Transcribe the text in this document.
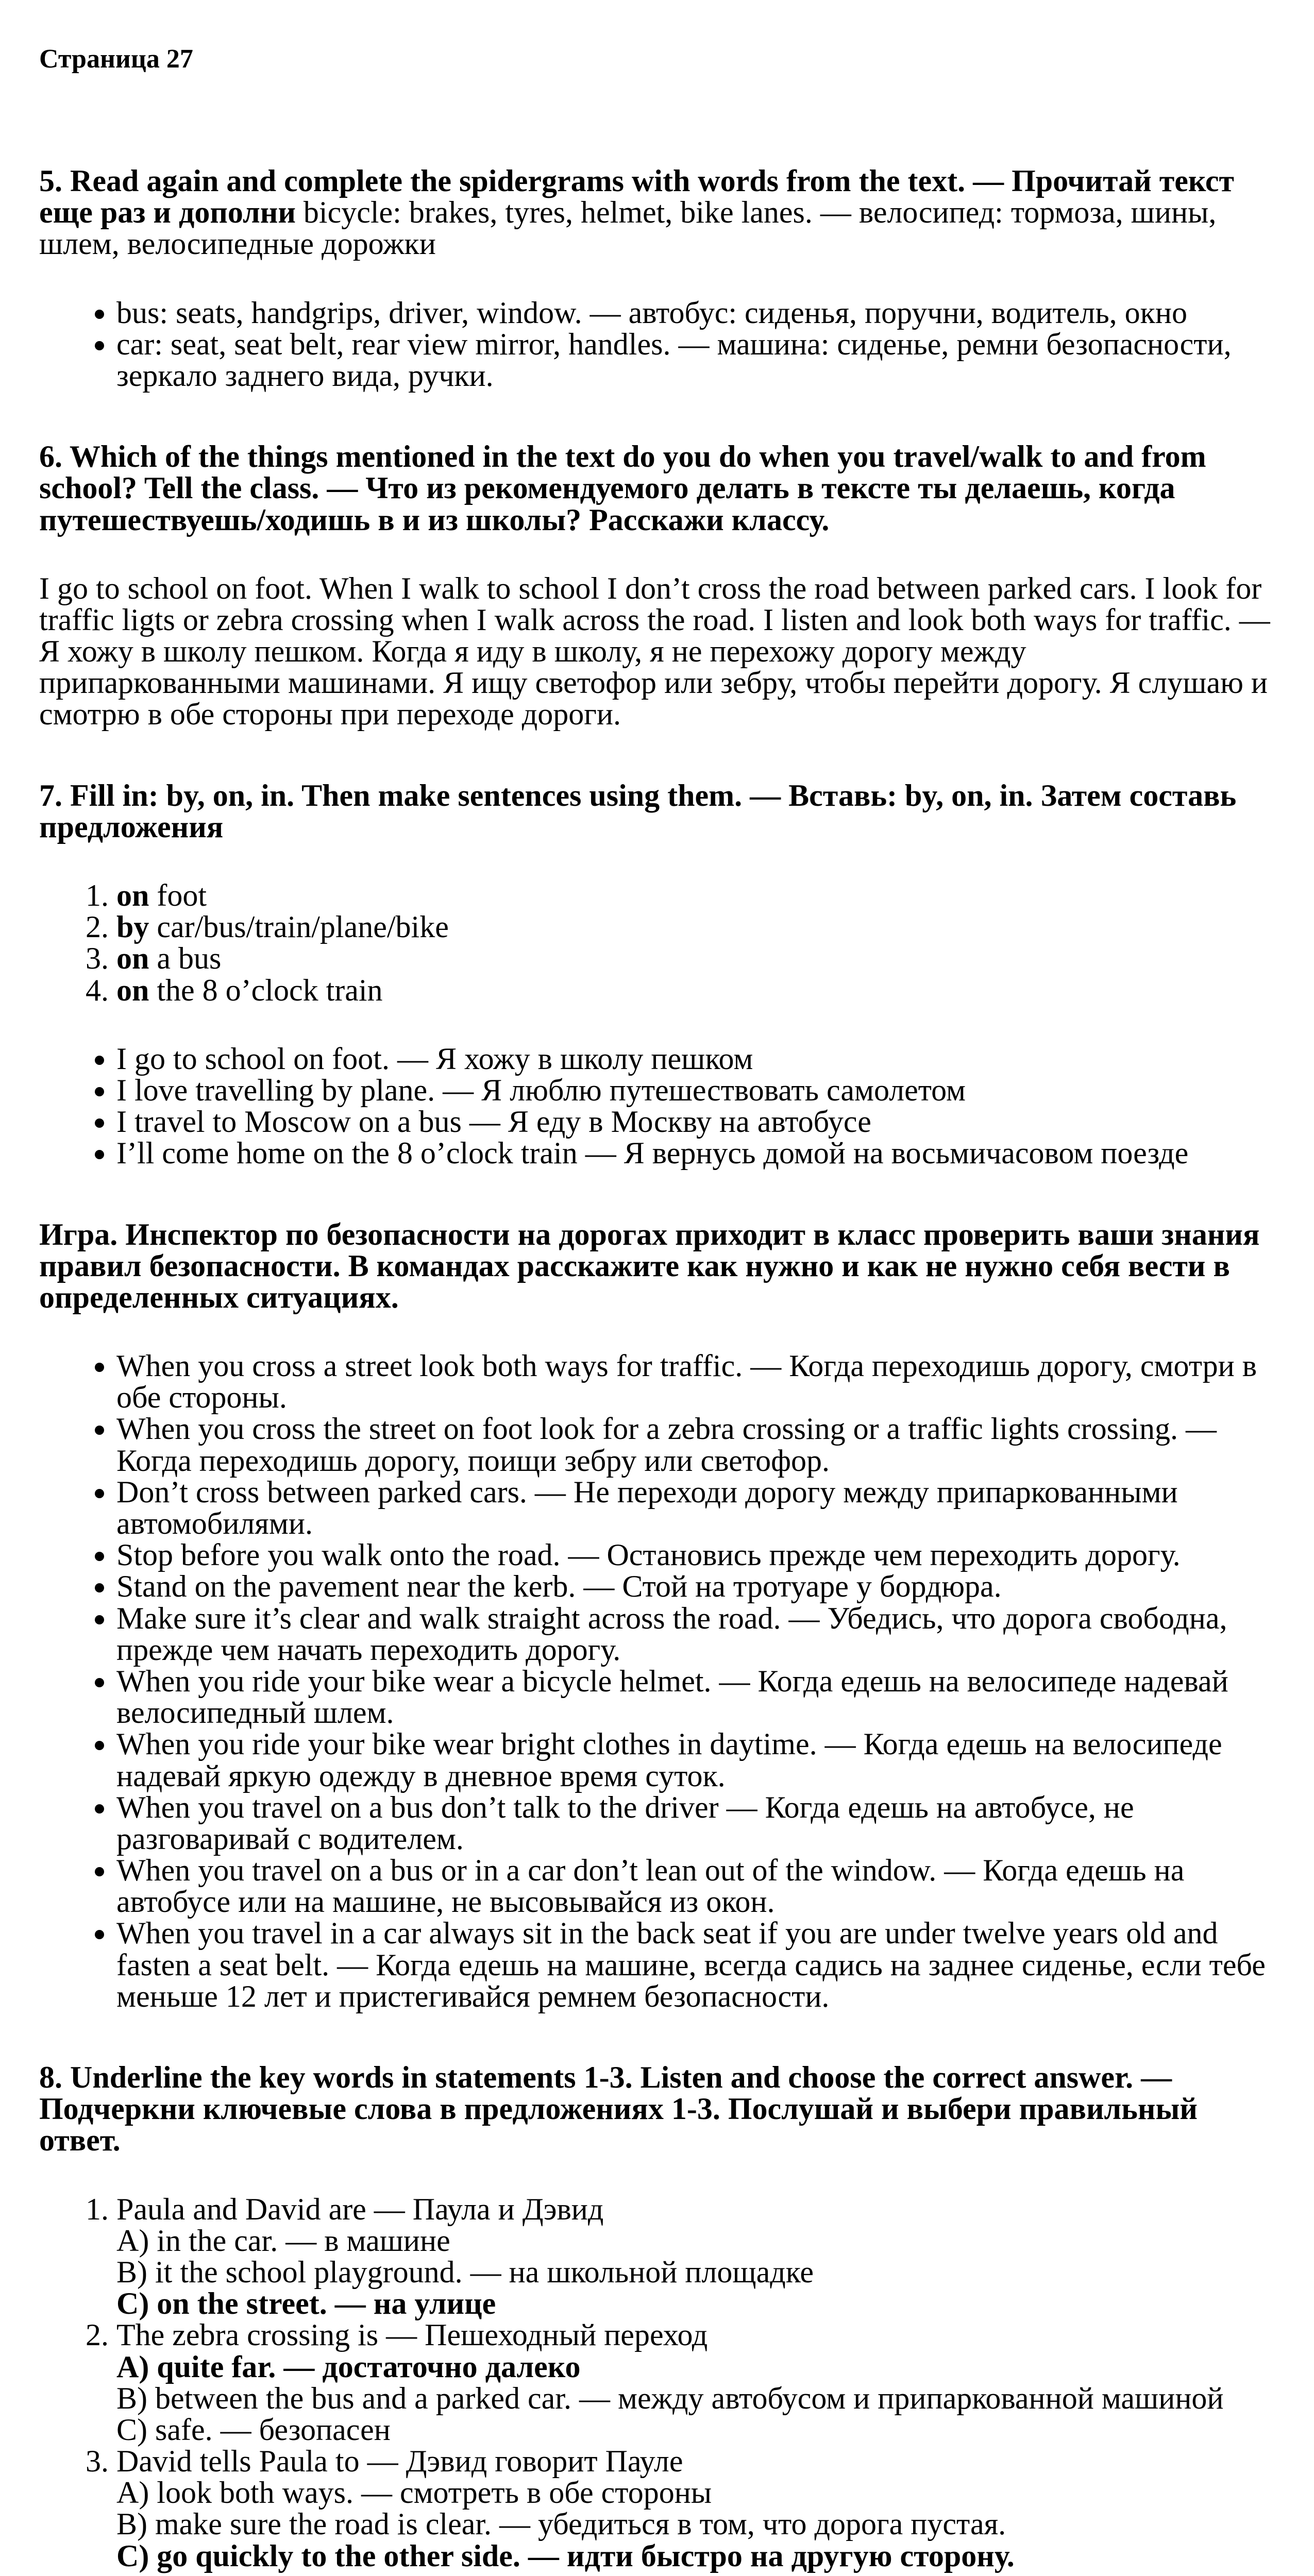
Страница 27

5. Read again and complete the spidergrams with words from the text. — Прочитай текст еще раз и дополни bicycle: brakes, tyres, helmet, bike lanes. — велосипед: тормоза, шины, шлем, велосипедные дорожки

• bus: seats, handgrips, driver, window. — автобус: сиденья, поручни, водитель, окно
• car: seat, seat belt, rear view mirror, handles. — машина: сиденье, ремни безопасности, зеркало заднего вида, ручки.

6. Which of the things mentioned in the text do you do when you travel/walk to and from school? Tell the class. — Что из рекомендуемого делать в тексте ты делаешь, когда путешествуешь/ходишь в и из школы? Расскажи классу.

I go to school on foot. When I walk to school I don’t cross the road between parked cars. I look for traffic ligts or zebra crossing when I walk across the road. I listen and look both ways for traffic. — Я хожу в школу пешком. Когда я иду в школу, я не перехожу дорогу между припаркованными машинами. Я ищу светофор или зебру, чтобы перейти дорогу. Я слушаю и смотрю в обе стороны при переходе дороги.

7. Fill in: by, on, in. Then make sentences using them. — Вставь: by, on, in. Затем составь предложения

1. on foot
2. by car/bus/train/plane/bike
3. on a bus
4. on the 8 o’clock train
• I go to school on foot. — Я хожу в школу пешком
• I love travelling by plane. — Я люблю путешествовать самолетом
• I travel to Moscow on a bus — Я еду в Москву на автобусе
• I’ll come home on the 8 o’clock train — Я вернусь домой на восьмичасовом поезде

Игра. Инспектор по безопасности на дорогах приходит в класс проверить ваши знания правил безопасности. В командах расскажите как нужно и как не нужно себя вести в определенных ситуациях.

• When you cross a street look both ways for traffic. — Когда переходишь дорогу, смотри в обе стороны.
• When you cross the street on foot look for a zebra crossing or a traffic lights crossing. — Когда переходишь дорогу, поищи зебру или светофор.
• Don’t cross between parked cars. — Не переходи дорогу между припаркованными автомобилями.
• Stop before you walk onto the road. — Остановись прежде чем переходить дорогу.
• Stand on the pavement near the kerb. — Стой на тротуаре у бордюра.
• Make sure it’s clear and walk straight across the road. — Убедись, что дорога свободна, прежде чем начать переходить дорогу.
• When you ride your bike wear a bicycle helmet. — Когда едешь на велосипеде надевай велосипедный шлем.
• When you ride your bike wear bright clothes in daytime. — Когда едешь на велосипеде надевай яркую одежду в дневное время суток.
• When you travel on a bus don’t talk to the driver — Когда едешь на автобусе, не разговаривай с водителем.
• When you travel on a bus or in a car don’t lean out of the window. — Когда едешь на автобусе или на машине, не высовывайся из окон.
• When you travel in a car always sit in the back seat if you are under twelve years old and fasten a seat belt. — Когда едешь на машине, всегда садись на заднее сиденье, если тебе меньше 12 лет и пристегивайся ремнем безопасности.

8. Underline the key words in statements 1-3. Listen and choose the correct answer. — Подчеркни ключевые слова в предложениях 1-3. Послушай и выбери правильный ответ.

1. Paula and David are — Паула и Дэвид
A) in the car. — в машине
B) it the school playground. — на школьной площадке
C) on the street. — на улице
2. The zebra crossing is — Пешеходный переход
A) quite far. — достаточно далеко
B) between the bus and a parked car. — между автобусом и припаркованной машиной
C) safe. — безопасен
3. David tells Paula to — Дэвид говорит Пауле
A) look both ways. — смотреть в обе стороны
B) make sure the road is clear. — убедиться в том, что дорога пустая.
C) go quickly to the other side. — идти быстро на другую сторону.
